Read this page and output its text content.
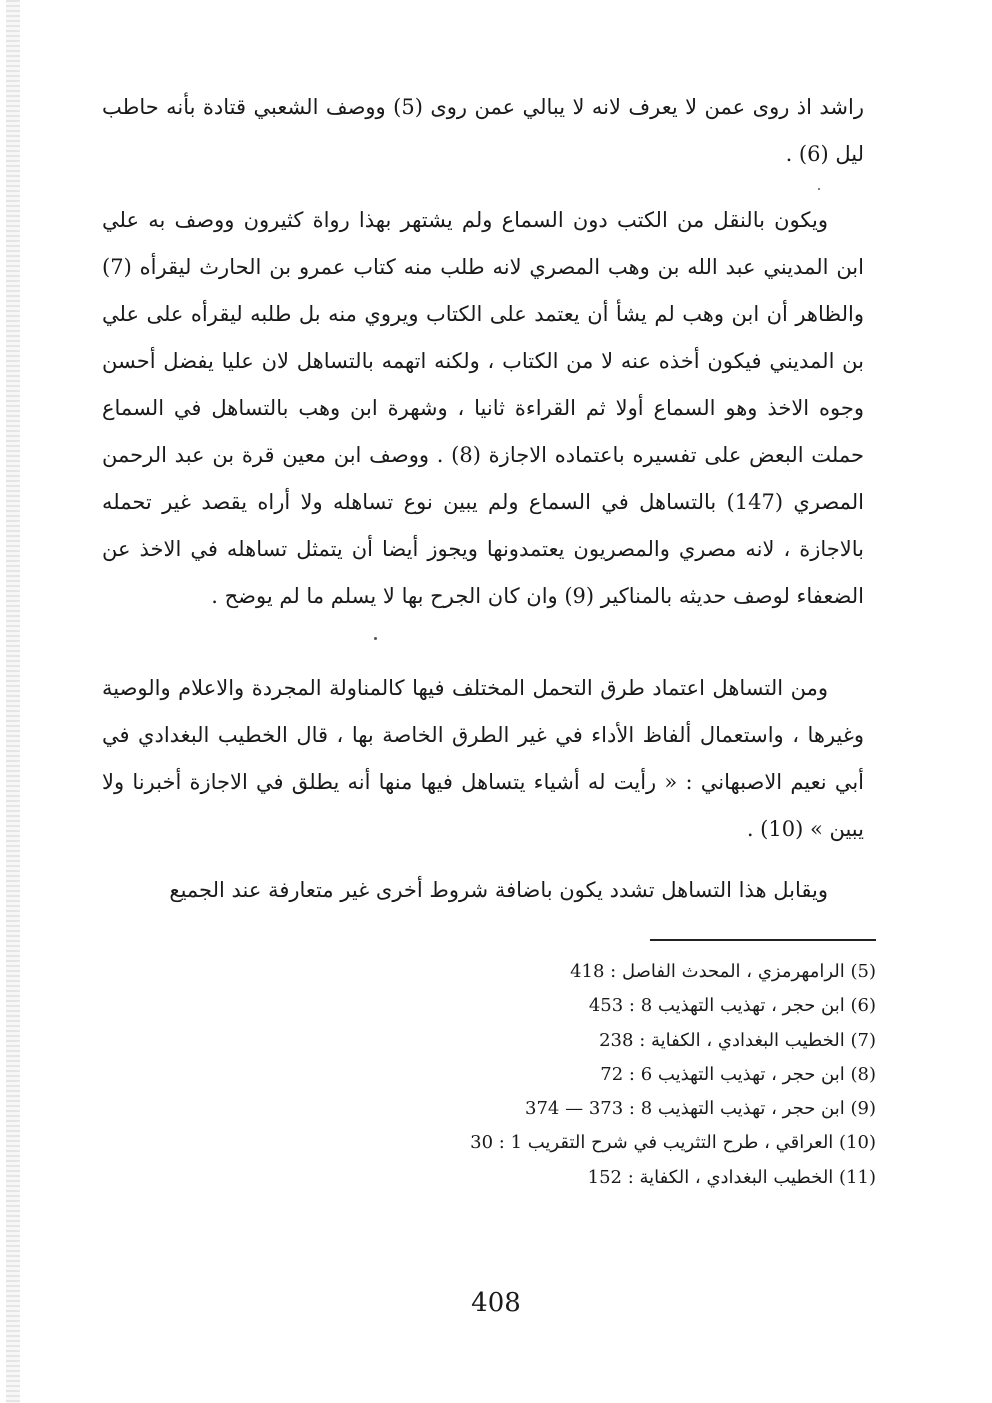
راشد اذ روى عمن لا يعرف لانه لا يبالي عمن روى (5) ووصف الشعبي قتادة بأنه حاطب ليل (6) .

ويكون بالنقل من الكتب دون السماع ولم يشتهر بهذا رواة كثيرون ووصف به علي ابن المديني عبد الله بن وهب المصري لانه طلب منه كتاب عمرو بن الحارث ليقرأه (7) والظاهر أن ابن وهب لم يشأ أن يعتمد على الكتاب ويروي منه بل طلبه ليقرأه على علي بن المديني فيكون أخذه عنه لا من الكتاب ، ولكنه اتهمه بالتساهل لان عليا يفضل أحسن وجوه الاخذ وهو السماع أولا ثم القراءة ثانيا ، وشهرة ابن وهب بالتساهل في السماع حملت البعض على تفسيره باعتماده الاجازة (8) . ووصف ابن معين قرة بن عبد الرحمن المصري (147) بالتساهل في السماع ولم يبين نوع تساهله ولا أراه يقصد غير تحمله بالاجازة ، لانه مصري والمصريون يعتمدونها ويجوز أيضا أن يتمثل تساهله في الاخذ عن الضعفاء لوصف حديثه بالمناكير (9) وان كان الجرح بها لا يسلم ما لم يوضح .

ومن التساهل اعتماد طرق التحمل المختلف فيها كالمناولة المجردة والاعلام والوصية وغيرها ، واستعمال ألفاظ الأداء في غير الطرق الخاصة بها ، قال الخطيب البغدادي في أبي نعيم الاصبهاني : « رأيت له أشياء يتساهل فيها منها أنه يطلق في الاجازة أخبرنا ولا يبين » (10) .

ويقابل هذا التساهل تشدد يكون باضافة شروط أخرى غير متعارفة عند الجميع

(5) الرامهرمزي ، المحدث الفاصل : 418
(6) ابن حجر ، تهذيب التهذيب 8 : 453
(7) الخطيب البغدادي ، الكفاية : 238
(8) ابن حجر ، تهذيب التهذيب 6 : 72
(9) ابن حجر ، تهذيب التهذيب 8 : 373 — 374
(10) العراقي ، طرح التثريب في شرح التقريب 1 : 30
(11) الخطيب البغدادي ، الكفاية : 152
408
